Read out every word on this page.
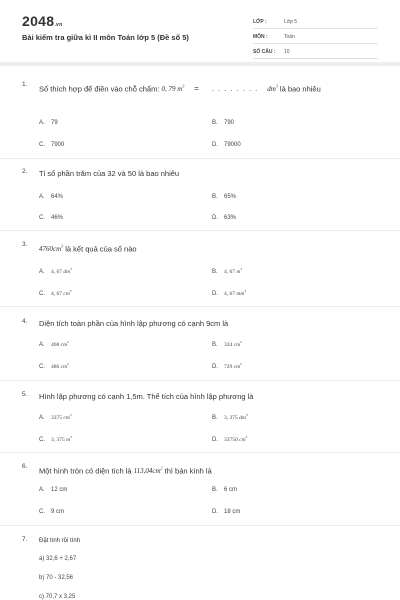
2048.vn
Bài kiểm tra giữa kì II môn Toán lớp 5 (Đề số 5)
LỚP :	Lớp 5
MÔN :	Toán
SỐ CÂU : 10
1. Số thích hợp để điền vào chỗ chấm: 0, 79 $m^3$ = . . . . . . . . $dm^3$ là bao nhiêu
A. 79	B. 790
C. 7900	D. 79000
2. Tỉ số phần trăm của 32 và 50 là bao nhiêu
A. 64%	B. 65%
C. 46%	D. 63%
3.
$4760cm^3$ là kết quả của số nào
A. 4, 67 $dm^3$	B. 4, 67 $m^3$
C. 4, 67 $cm^3$	D. 4, 67 $mm^3$
4. Diện tích toàn phần của hình lập phương có cạnh 9cm là
A. 468 $cm^2$	B. 324 $cm^2$
C. 486 $cm^2$	D. 729 $cm^2$
5. Hình lập phương có cạnh 1,5m. Thể tích của hình lập phương là
A. 3375 $cm^3$	B. 3, 375 $dm^3$
C. 3, 375 $m^3$	D. 33750 $cm^3$
6. Một hình tròn có diện tích là $113,04cm^2$ thì bán kính là
A. 12 cm	B. 6 cm
C. 9 cm	D. 18 cm
7. Đặt tính rồi tính
a) 32,6 + 2,67
b) 70 - 32,56
c) 70,7 x 3,25
